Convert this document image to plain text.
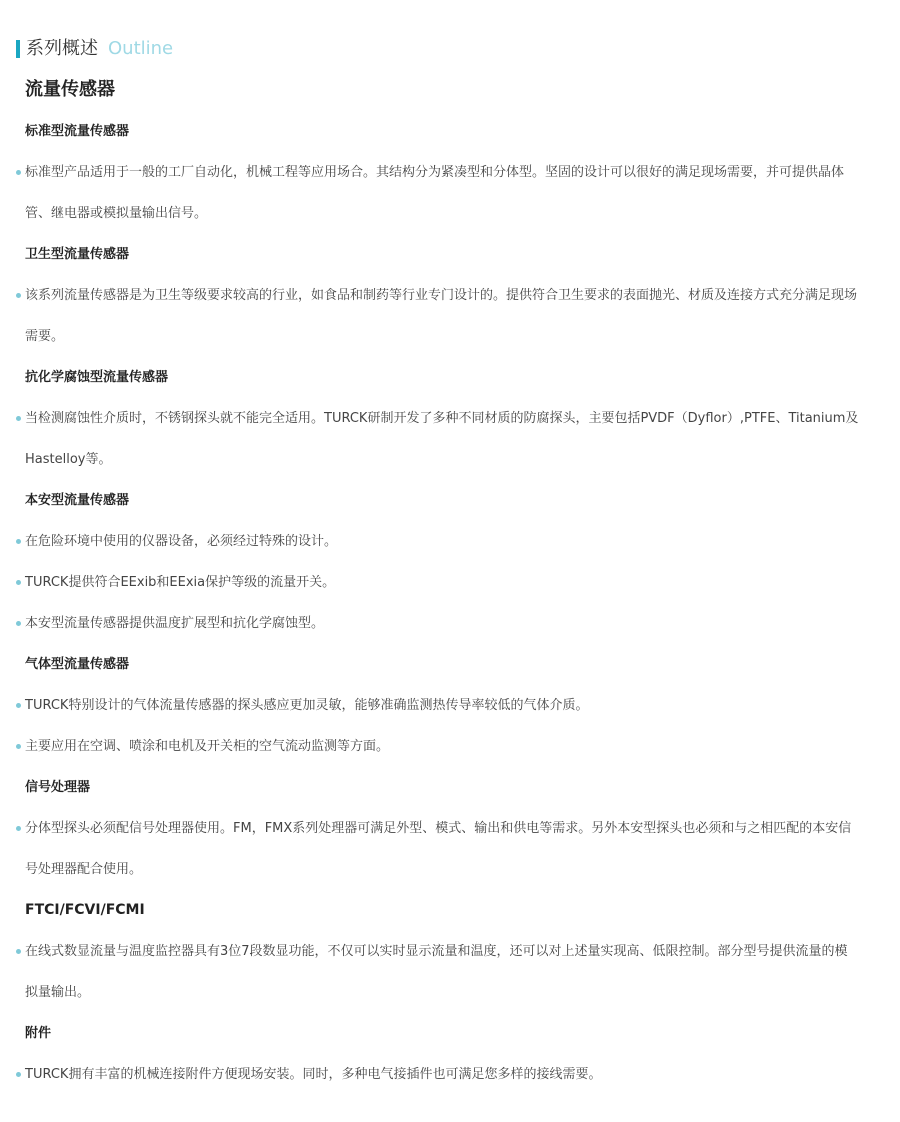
系列概述 Outline
流量传感器
标准型流量传感器
标准型产品适用于一般的工厂自动化，机械工程等应用场合。其结构分为紧凑型和分体型。坚固的设计可以很好的满足现场需要，并可提供晶体管、继电器或模拟量输出信号。
卫生型流量传感器
该系列流量传感器是为卫生等级要求较高的行业，如食品和制药等行业专门设计的。提供符合卫生要求的表面抛光、材质及连接方式充分满足现场需要。
抗化学腐蚀型流量传感器
当检测腐蚀性介质时，不锈钢探头就不能完全适用。TURCK研制开发了多种不同材质的防腐探头，主要包括PVDF（Dyflor）,PTFE、Titanium及Hastelloy等。
本安型流量传感器
在危险环境中使用的仪器设备，必须经过特殊的设计。
TURCK提供符合EExib和EExia保护等级的流量开关。
本安型流量传感器提供温度扩展型和抗化学腐蚀型。
气体型流量传感器
TURCK特别设计的气体流量传感器的探头感应更加灵敏，能够准确监测热传导率较低的气体介质。
主要应用在空调、喷涂和电机及开关柜的空气流动监测等方面。
信号处理器
分体型探头必须配信号处理器使用。FM，FMX系列处理器可满足外型、模式、输出和供电等需求。另外本安型探头也必须和与之相匹配的本安信号处理器配合使用。
FTCI/FCVI/FCMI
在线式数显流量与温度监控器具有3位7段数显功能，不仅可以实时显示流量和温度，还可以对上述量实现高、低限控制。部分型号提供流量的模拟量输出。
附件
TURCK拥有丰富的机械连接附件方便现场安装。同时，多种电气接插件也可满足您多样的接线需要。
